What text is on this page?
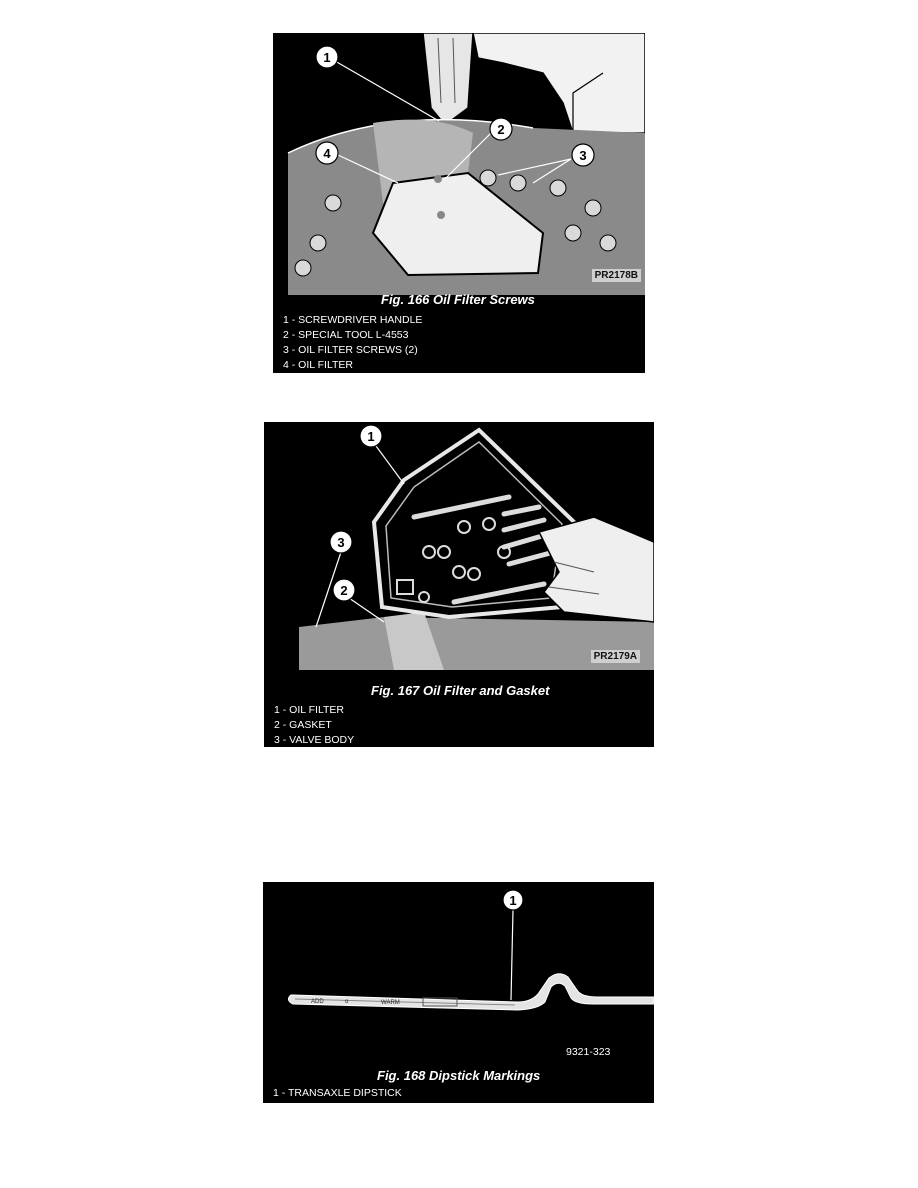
1
2
3
4
PR2178B
Fig. 166 Oil Filter Screws
1 - SCREWDRIVER HANDLE
2 - SPECIAL TOOL L-4553
3 - OIL FILTER SCREWS (2)
4 - OIL FILTER
1
2
3
PR2179A
Fig. 167 Oil Filter and Gasket
1 - OIL FILTER
2 - GASKET
3 - VALVE BODY
ADD	o	WARM
1
9321-323
Fig. 168 Dipstick Markings
1 - TRANSAXLE DIPSTICK
